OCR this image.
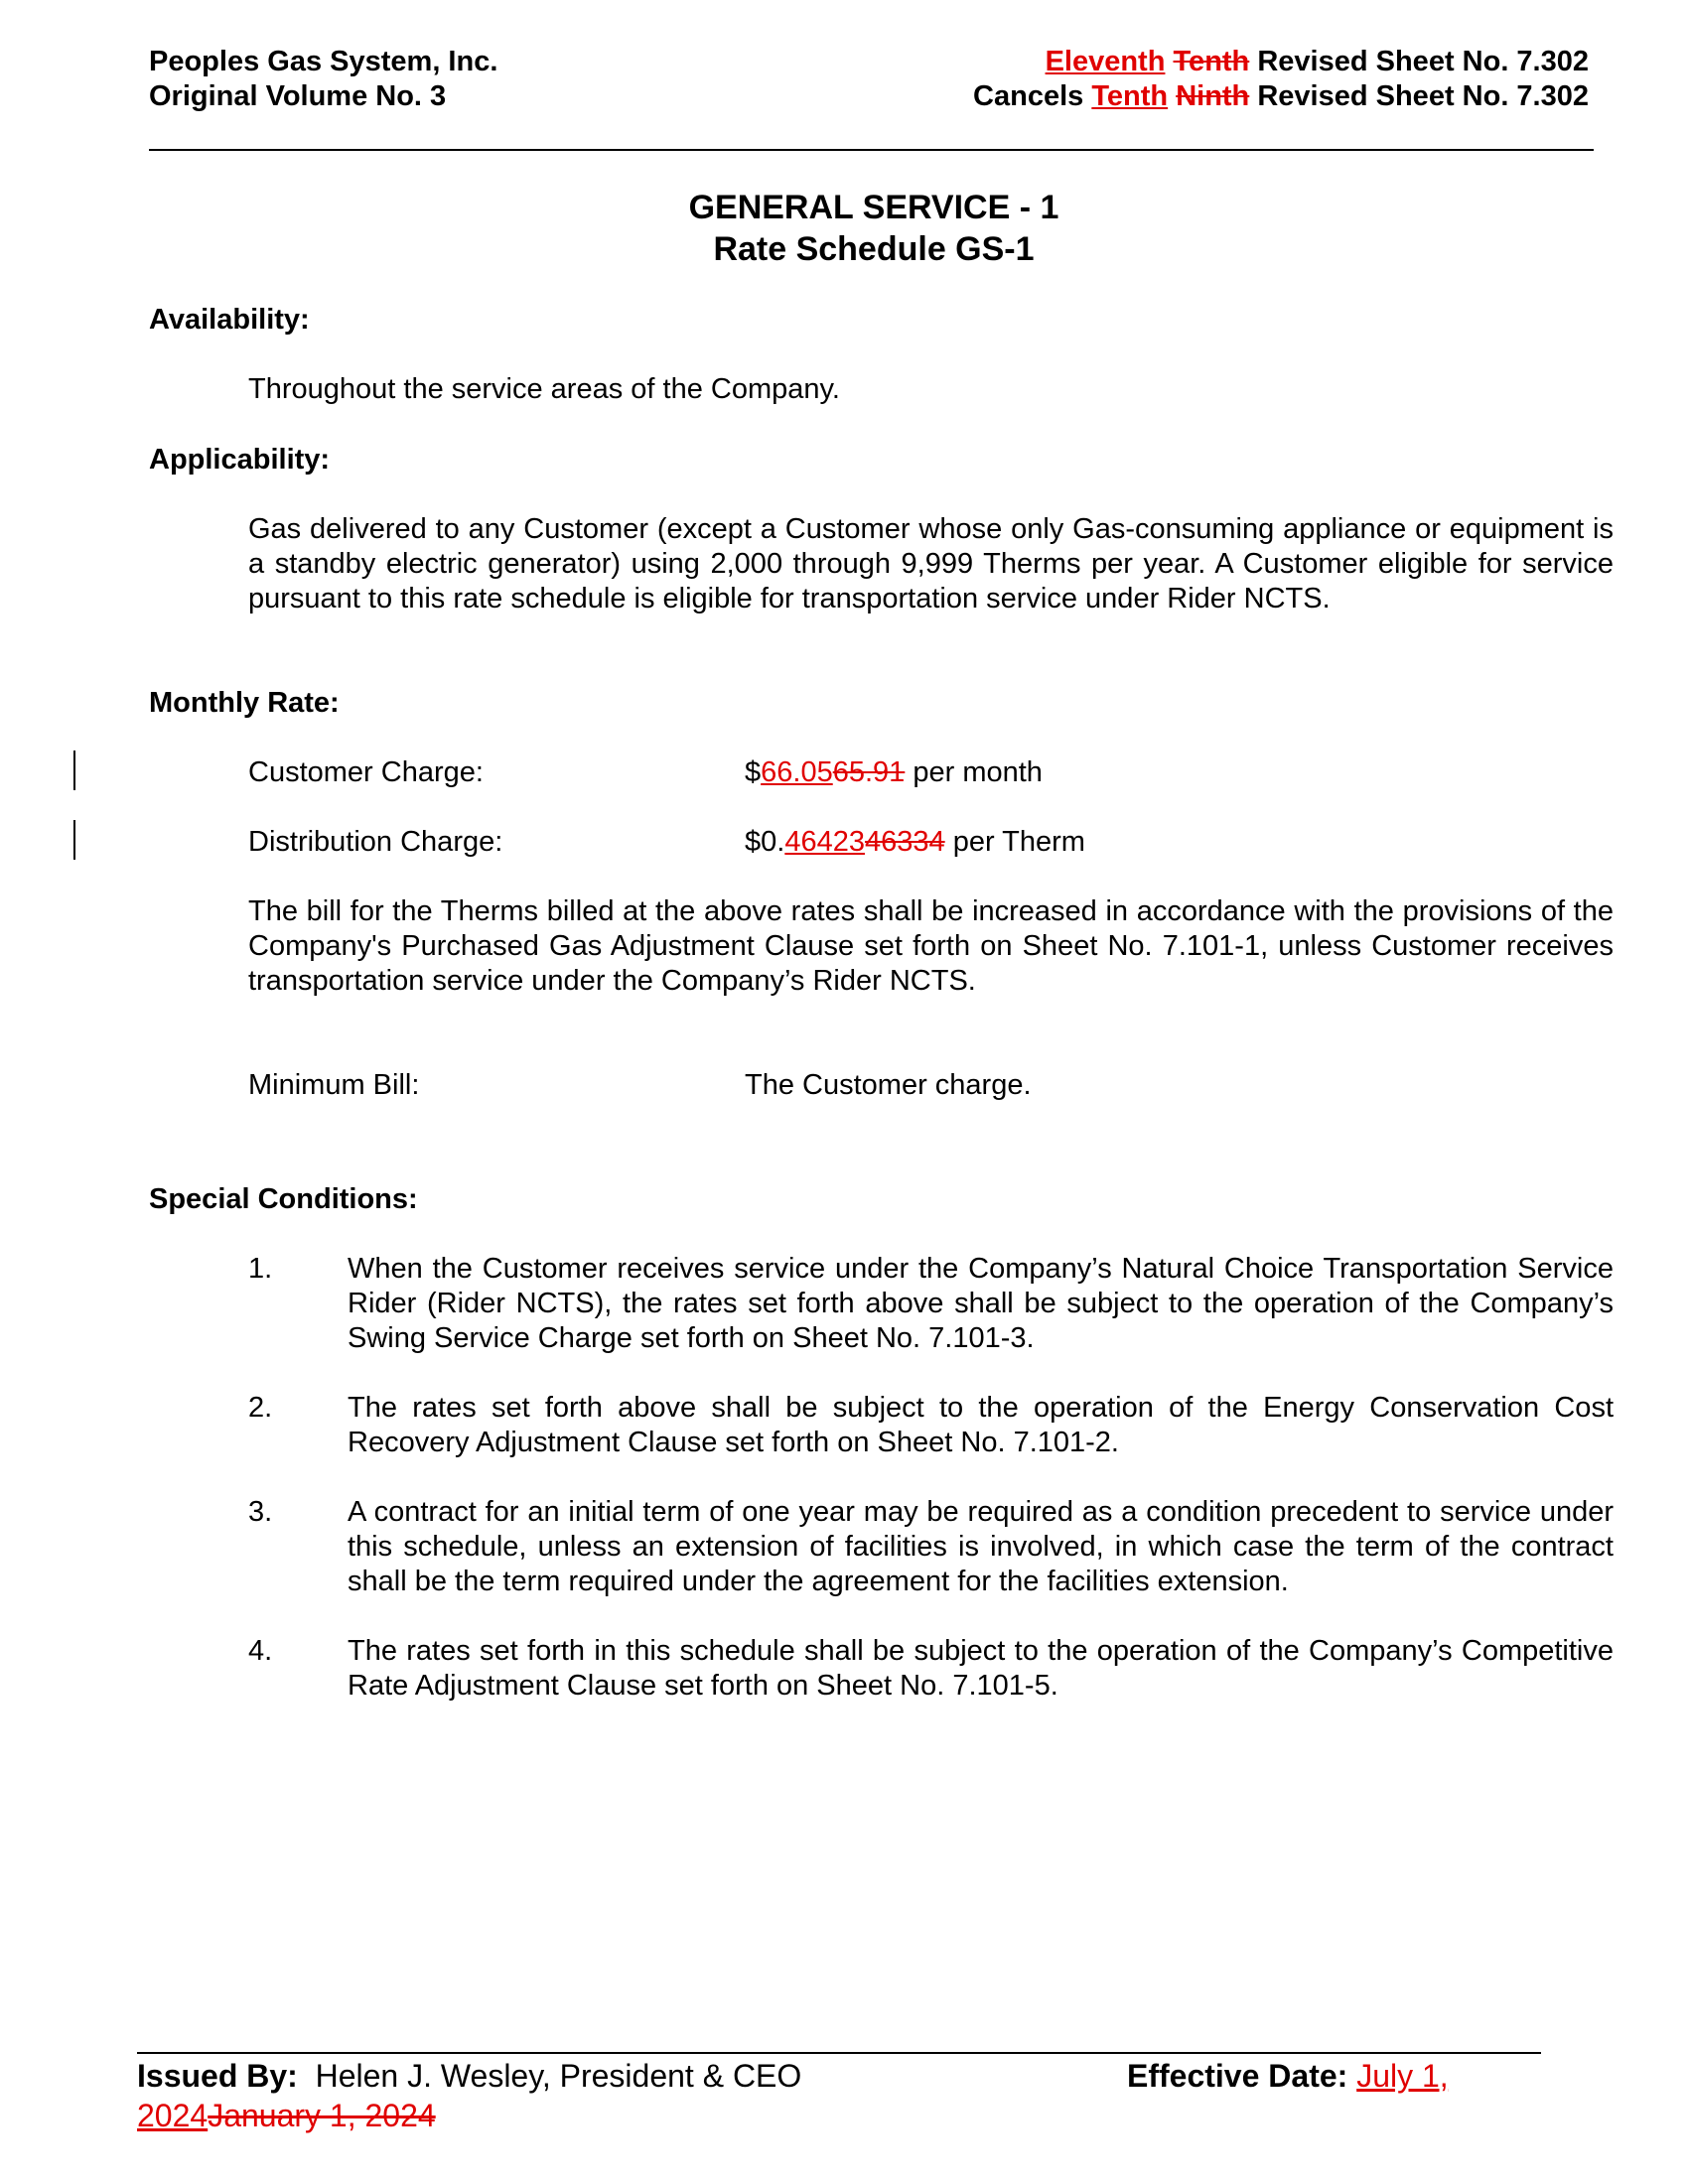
Peoples Gas System, Inc.
Original Volume No. 3
Eleventh Tenth Revised Sheet No. 7.302
Cancels Tenth Ninth Revised Sheet No. 7.302
GENERAL SERVICE - 1
Rate Schedule GS-1
Availability:
Throughout the service areas of the Company.
Applicability:
Gas delivered to any Customer (except a Customer whose only Gas-consuming appliance or equipment is a standby electric generator) using 2,000 through 9,999 Therms per year. A Customer eligible for service pursuant to this rate schedule is eligible for transportation service under Rider NCTS.
Monthly Rate:
Customer Charge:	$66.0565.91 per month
Distribution Charge:	$0.4642346334 per Therm
The bill for the Therms billed at the above rates shall be increased in accordance with the provisions of the Company's Purchased Gas Adjustment Clause set forth on Sheet No. 7.101-1, unless Customer receives transportation service under the Company’s Rider NCTS.
Minimum Bill:	The Customer charge.
Special Conditions:
1.	When the Customer receives service under the Company’s Natural Choice Transportation Service Rider (Rider NCTS), the rates set forth above shall be subject to the operation of the Company’s Swing Service Charge set forth on Sheet No. 7.101-3.
2.	The rates set forth above shall be subject to the operation of the Energy Conservation Cost Recovery Adjustment Clause set forth on Sheet No. 7.101-2.
3.	A contract for an initial term of one year may be required as a condition precedent to service under this schedule, unless an extension of facilities is involved, in which case the term of the contract shall be the term required under the agreement for the facilities extension.
4.	The rates set forth in this schedule shall be subject to the operation of the Company’s Competitive Rate Adjustment Clause set forth on Sheet No. 7.101-5.
Issued By: Helen J. Wesley, President & CEO	Effective Date: July 1,
2024January 1, 2024
